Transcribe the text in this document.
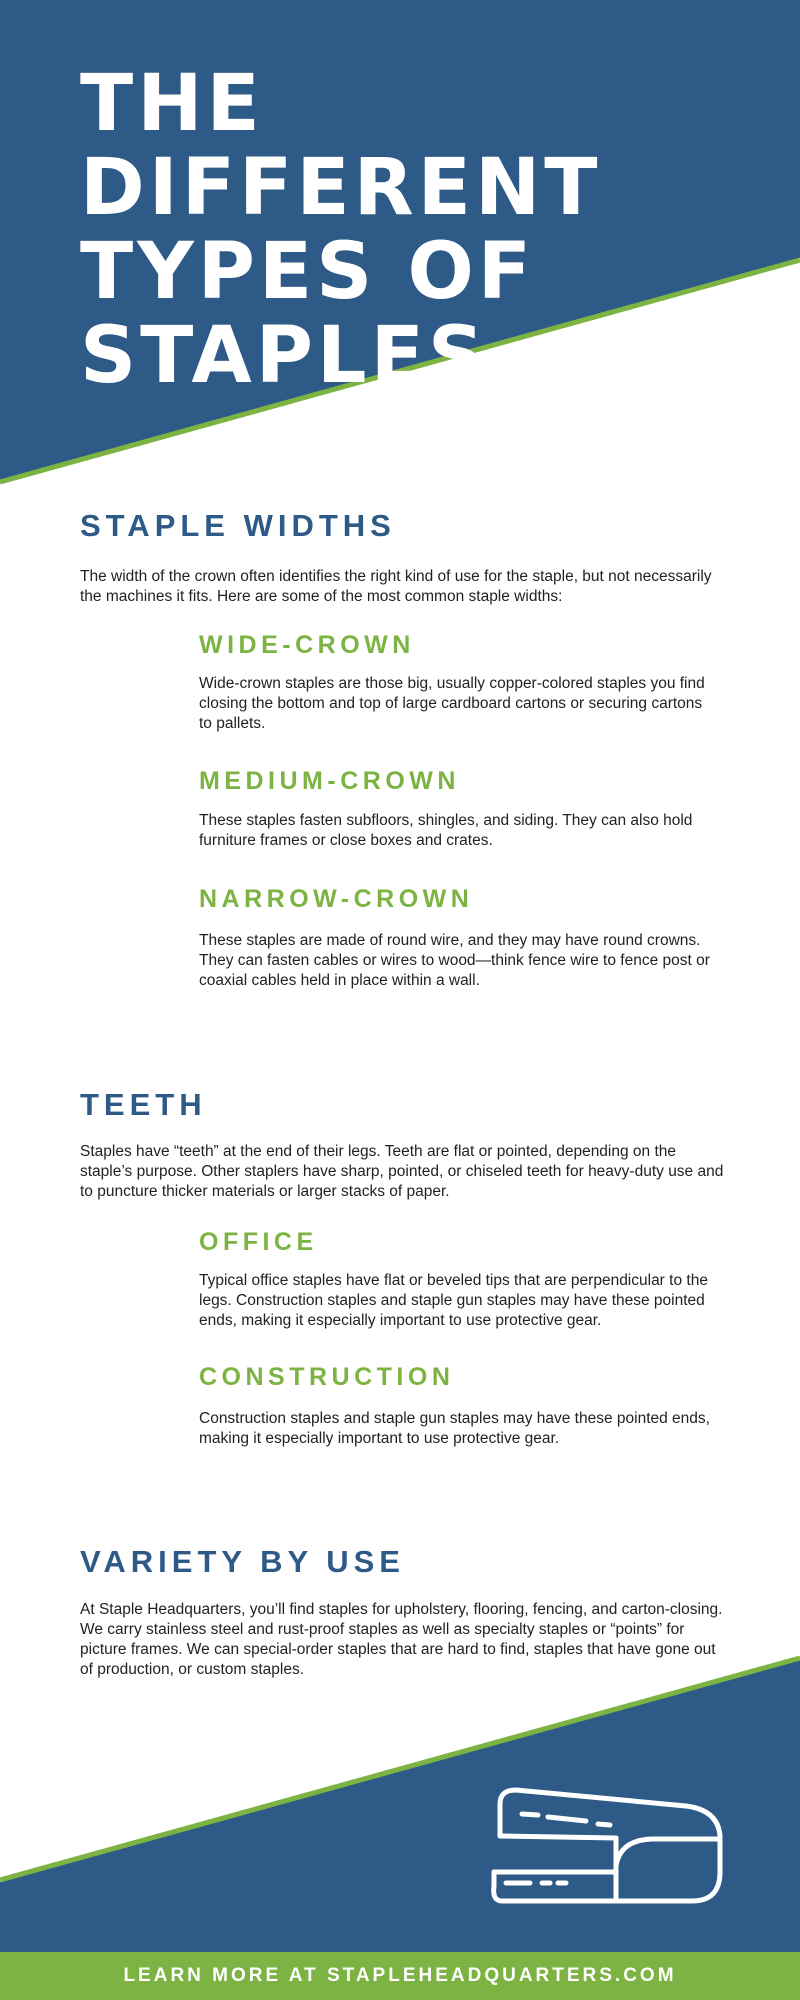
THE DIFFERENT
TYPES OF
STAPLES
STAPLE WIDTHS

The width of the crown often identifies the right kind of use for the staple, but not necessarily the machines it fits. Here are some of the most common staple widths:

WIDE-CROWN

Wide-crown staples are those big, usually copper-colored staples you find closing the bottom and top of large cardboard cartons or securing cartons to pallets.

MEDIUM-CROWN

These staples fasten subfloors, shingles, and siding. They can also hold furniture frames or close boxes and crates.

NARROW-CROWN

These staples are made of round wire, and they may have round crowns. They can fasten cables or wires to wood—think fence wire to fence post or coaxial cables held in place within a wall.

TEETH

Staples have “teeth” at the end of their legs. Teeth are flat or pointed, depending on the staple’s purpose. Other staplers have sharp, pointed, or chiseled teeth for heavy-duty use and to puncture thicker materials or larger stacks of paper.

OFFICE

Typical office staples have flat or beveled tips that are perpendicular to the legs. Construction staples and staple gun staples may have these pointed ends, making it especially important to use protective gear.

CONSTRUCTION

Construction staples and staple gun staples may have these pointed ends, making it especially important to use protective gear.

VARIETY BY USE

At Staple Headquarters, you’ll find staples for upholstery, flooring, fencing, and carton-closing. We carry stainless steel and rust-proof staples as well as specialty staples or “points” for picture frames. We can special-order staples that are hard to find, staples that have gone out of production, or custom staples.

LEARN MORE AT STAPLEHEADQUARTERS.COM
